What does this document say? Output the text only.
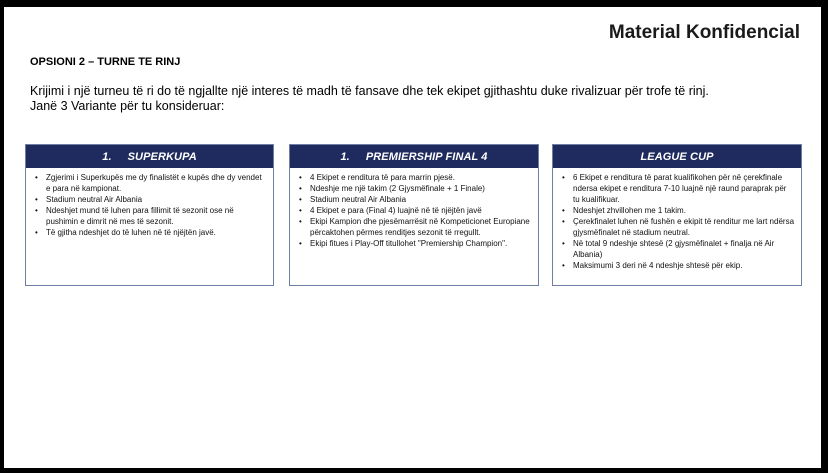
Material Konfidencial
OPSIONI 2 – TURNE TE RINJ
Krijimi i një turneu të ri do të ngjallte një interes të madh të fansave dhe tek ekipet gjithashtu duke rivalizuar për trofe të rinj.
Janë 3 Variante për tu konsideruar:
1. SUPERKUPA
• Zgjerimi i Superkupës me dy finalistët e kupës dhe dy vendet e para në kampionat.
• Stadium neutral Air Albania
• Ndeshjet mund të luhen para fillimit të sezonit ose në pushimin e dimrit në mes të sezonit.
• Të gjitha ndeshjet do të luhen në të njëjtën javë.
1. PREMIERSHIP FINAL 4
• 4 Ekipet e renditura të para marrin pjesë.
• Ndeshje me një takim (2 Gjysmëfinale + 1 Finale)
• Stadium neutral Air Albania
• 4 Ekipet e para (Final 4) luajnë në të njëjtën javë
• Ekipi Kampion dhe pjesëmarrësit në Kompeticionet Europiane përcaktohen përmes renditjes sezonit të rregullt.
• Ekipi fitues i Play-Off titullohet "Premiership Champion".
LEAGUE CUP
• 6 Ekipet e renditura të parat kualifikohen për në çerekfinale ndersa ekipet e renditura 7-10 luajnë një raund paraprak për tu kualifikuar.
• Ndeshjet zhvillohen me 1 takim.
• Çerekfinalet luhen në fushën e ekipit të renditur me lart ndërsa gjysmëfinalet në stadium neutral.
• Në total 9 ndeshje shtesë (2 gjysmëfinalet + finalja në Air Albania)
• Maksimumi 3 deri në 4 ndeshje shtesë për ekip.
